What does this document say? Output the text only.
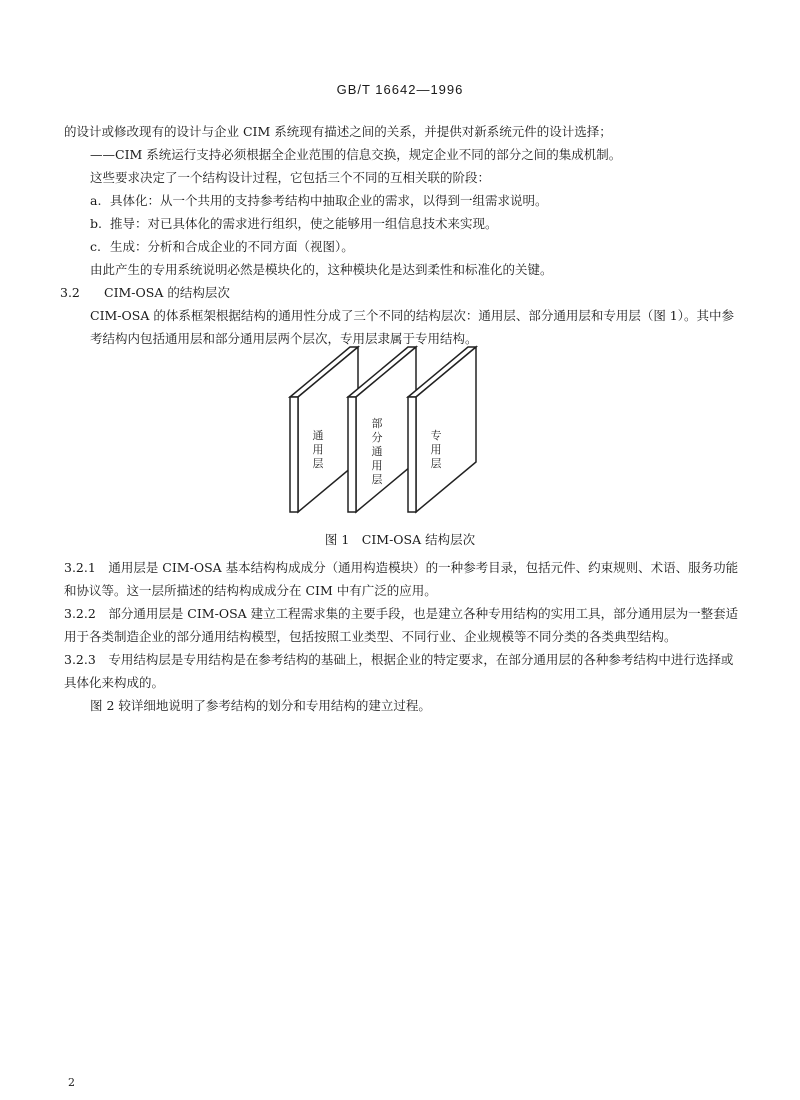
GB/T 16642—1996

的设计或修改现有的设计与企业 CIM 系统现有描述之间的关系，并提供对新系统元件的设计选择；

——CIM 系统运行支持必须根据全企业范围的信息交换，规定企业不同的部分之间的集成机制。

这些要求决定了一个结构设计过程，它包括三个不同的互相关联的阶段：

a. 具体化：从一个共用的支持参考结构中抽取企业的需求，以得到一组需求说明。

b. 推导：对已具体化的需求进行组织，使之能够用一组信息技术来实现。

c. 生成：分析和合成企业的不同方面（视图）。

由此产生的专用系统说明必然是模块化的，这种模块化是达到柔性和标准化的关键。

3.2 CIM-OSA 的结构层次

CIM-OSA 的体系框架根据结构的通用性分成了三个不同的结构层次：通用层、部分通用层和专用层（图 1）。其中参考结构内包括通用层和部分通用层两个层次，专用层隶属于专用结构。

通用层
部分通用层
专用层
图 1　CIM-OSA 结构层次

3.2.1　 通用层是 CIM-OSA 基本结构构成成分（通用构造模块）的一种参考目录，包括元件、约束规则、术语、服务功能和协议等。这一层所描述的结构构成成分在 CIM 中有广泛的应用。

3.2.2　 部分通用层是 CIM-OSA 建立工程需求集的主要手段，也是建立各种专用结构的实用工具，部分通用层为一整套适用于各类制造企业的部分通用结构模型，包括按照工业类型、不同行业、企业规模等不同分类的各类典型结构。

3.2.3　 专用结构层是专用结构是在参考结构的基础上，根据企业的特定要求，在部分通用层的各种参考结构中进行选择或具体化来构成的。

图 2 较详细地说明了参考结构的划分和专用结构的建立过程。

2
